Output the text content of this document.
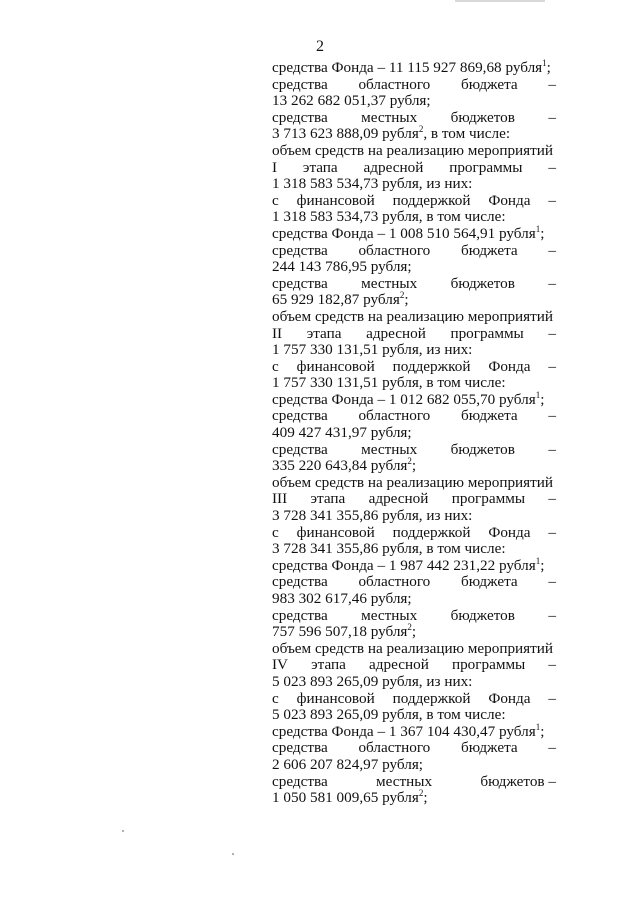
2
средства Фонда – 11 115 927 869,68 рубля$^1$;
средства областного бюджета –
13 262 682 051,37 рубля;
средства местных бюджетов –
3 713 623 888,09 рубля$^2$, в том числе:
объем средств на реализацию мероприятий
I этапа адресной программы –
1 318 583 534,73 рубля, из них:
с финансовой поддержкой Фонда –
1 318 583 534,73 рубля, в том числе:
средства Фонда – 1 008 510 564,91 рубля$^1$;
средства областного бюджета –
244 143 786,95 рубля;
средства местных бюджетов –
65 929 182,87 рубля$^2$;
объем средств на реализацию мероприятий
II этапа адресной программы –
1 757 330 131,51 рубля, из них:
с финансовой поддержкой Фонда –
1 757 330 131,51 рубля, в том числе:
средства Фонда – 1 012 682 055,70 рубля$^1$;
средства областного бюджета –
409 427 431,97 рубля;
средства местных бюджетов –
335 220 643,84 рубля$^2$;
объем средств на реализацию мероприятий
III этапа адресной программы –
3 728 341 355,86 рубля, из них:
с финансовой поддержкой Фонда –
3 728 341 355,86 рубля, в том числе:
средства Фонда – 1 987 442 231,22 рубля$^1$;
средства областного бюджета –
983 302 617,46 рубля;
средства местных бюджетов –
757 596 507,18 рубля$^2$;
объем средств на реализацию мероприятий
IV этапа адресной программы –
5 023 893 265,09 рубля, из них:
с финансовой поддержкой Фонда –
5 023 893 265,09 рубля, в том числе:
средства Фонда – 1 367 104 430,47 рубля$^1$;
средства областного бюджета –
2 606 207 824,97 рубля;
средства	местных	бюджетов –
1 050 581 009,65 рубля$^2$;
